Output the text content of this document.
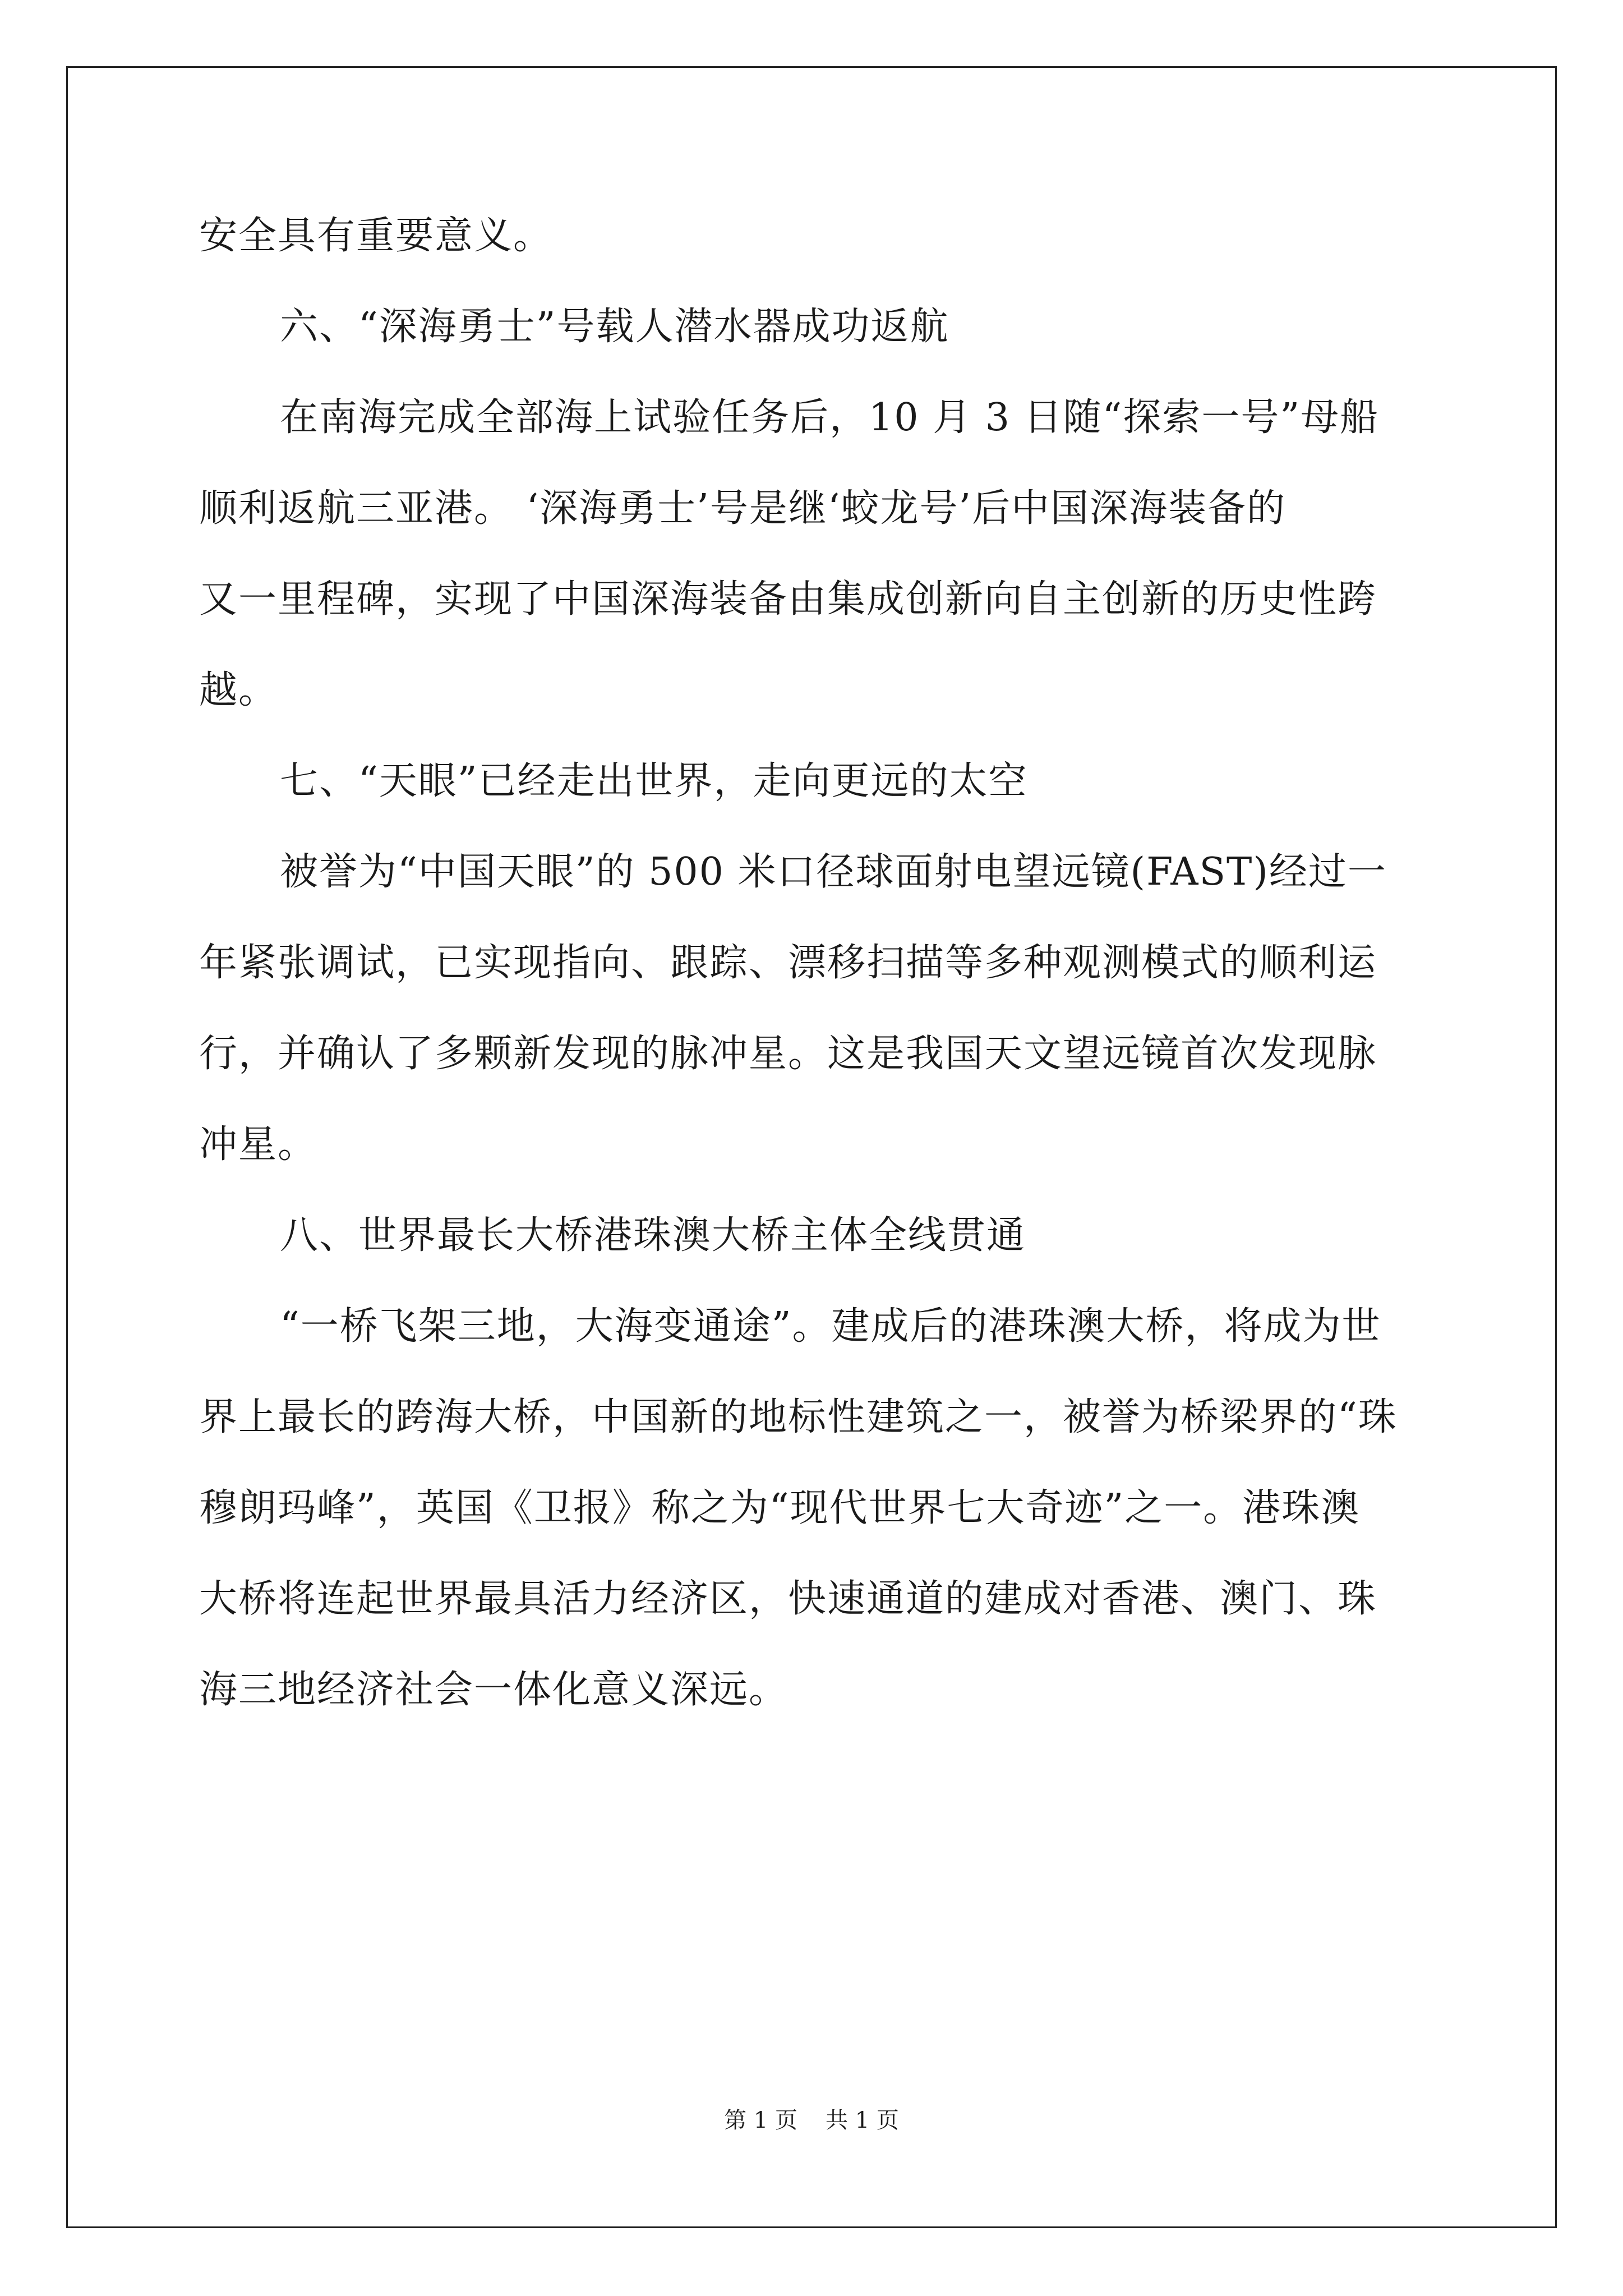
安全具有重要意义。
六、“深海勇士”号载人潜水器成功返航
在南海完成全部海上试验任务后，10 月 3 日随“探索一号”母船
顺利返航三亚港。 ‘深海勇士’号是继‘蛟龙号’后中国深海装备的
又一里程碑，实现了中国深海装备由集成创新向自主创新的历史性跨
越。
七、“天眼”已经走出世界，走向更远的太空
被誉为“中国天眼”的 500 米口径球面射电望远镜(FAST)经过一
年紧张调试，已实现指向、跟踪、漂移扫描等多种观测模式的顺利运
行，并确认了多颗新发现的脉冲星。这是我国天文望远镜首次发现脉
冲星。
八、世界最长大桥港珠澳大桥主体全线贯通
“一桥飞架三地，大海变通途”。建成后的港珠澳大桥，将成为世
界上最长的跨海大桥，中国新的地标性建筑之一，被誉为桥梁界的“珠
穆朗玛峰”，英国《卫报》称之为“现代世界七大奇迹”之一。港珠澳
大桥将连起世界最具活力经济区，快速通道的建成对香港、澳门、珠
海三地经济社会一体化意义深远。
第 1 页 共 1 页
